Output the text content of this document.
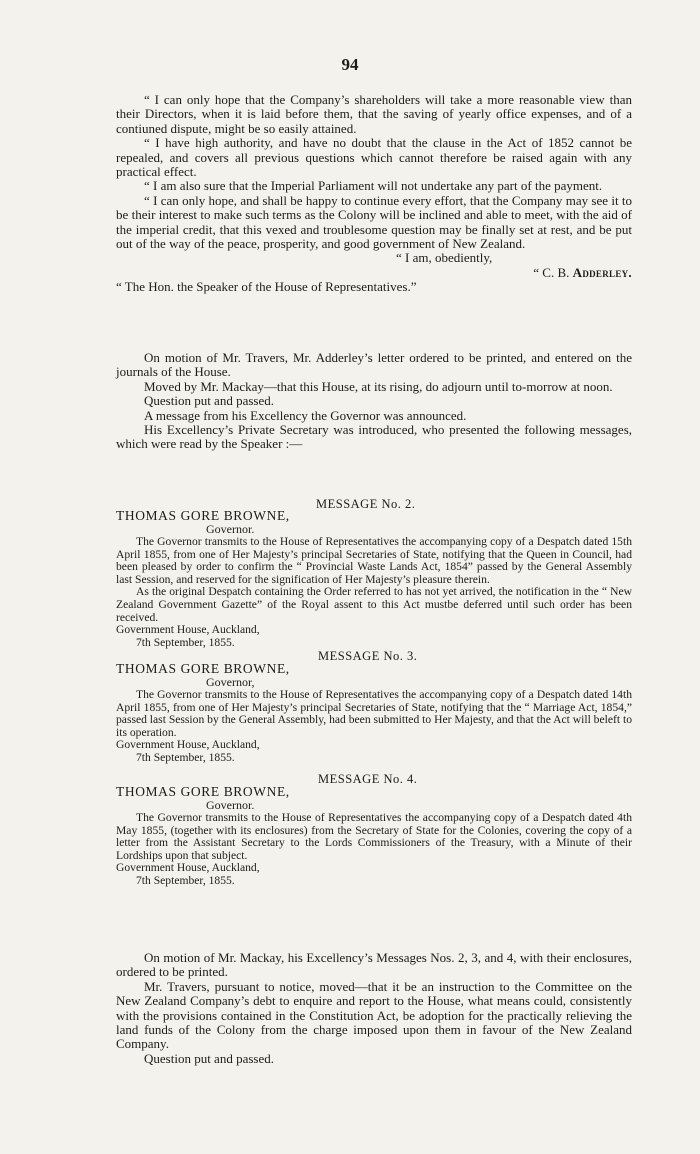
94

“ I can only hope that the Company’s shareholders will take a more reasonable view than their Directors, when it is laid before them, that the saving of yearly office expenses, and of a contiuned dispute, might be so easily attained.

“ I have high authority, and have no doubt that the clause in the Act of 1852 cannot be repealed, and covers all previous questions which cannot therefore be raised again with any practical effect.

“ I am also sure that the Imperial Parliament will not undertake any part of the payment.

“ I can only hope, and shall be happy to continue every effort, that the Company may see it to be their interest to make such terms as the Colony will be inclined and able to meet, with the aid of the imperial credit, that this vexed and troublesome question may be finally set at rest, and be put out of the way of the peace, prosperity, and good government of New Zealand.

“ I am, obediently,

“ C. B. Adderley.

“ The Hon. the Speaker of the House of Representatives.”

On motion of Mr. Travers, Mr. Adderley’s letter ordered to be printed, and entered on the journals of the House.

Moved by Mr. Mackay—that this House, at its rising, do adjourn until to-morrow at noon.

Question put and passed.

A message from his Excellency the Governor was announced.

His Excellency’s Private Secretary was introduced, who presented the following messages, which were read by the Speaker :—

MESSAGE No. 2.

THOMAS GORE BROWNE,

Governor.

The Governor transmits to the House of Representatives the accompanying copy of a Despatch dated 15th April 1855, from one of Her Majesty’s principal Secretaries of State, notifying that the Queen in Council, had been pleased by order to confirm the “ Provincial Waste Lands Act, 1854” passed by the General Assembly last Session, and reserved for the signification of Her Majesty’s pleasure therein.

As the original Despatch containing the Order referred to has not yet arrived, the notification in the “ New Zealand Government Gazette” of the Royal assent to this Act mustbe deferred until such order has been received.

Government House, Auckland,

7th September, 1855.

MESSAGE No. 3.

THOMAS GORE BROWNE,

Governor,

The Governor transmits to the House of Representatives the accompanying copy of a Despatch dated 14th April 1855, from one of Her Majesty’s principal Secretaries of State, notifying that the “ Marriage Act, 1854,” passed last Session by the General Assembly, had been submitted to Her Majesty, and that the Act will beleft to its operation.

Government House, Auckland,

7th September, 1855.

MESSAGE No. 4.

THOMAS GORE BROWNE,

Governor.

The Governor transmits to the House of Representatives the accompanying copy of a Despatch dated 4th May 1855, (together with its enclosures) from the Secretary of State for the Colonies, covering the copy of a letter from the Assistant Secretary to the Lords Commissioners of the Treasury, with a Minute of their Lordships upon that subject.

Government House, Auckland,

7th September, 1855.

On motion of Mr. Mackay, his Excellency’s Messages Nos. 2, 3, and 4, with their enclosures, ordered to be printed.

Mr. Travers, pursuant to notice, moved—that it be an instruction to the Committee on the New Zealand Company’s debt to enquire and report to the House, what means could, consistently with the provisions contained in the Constitution Act, be adoption for the practically relieving the land funds of the Colony from the charge imposed upon them in favour of the New Zealand Company.

Question put and passed.
